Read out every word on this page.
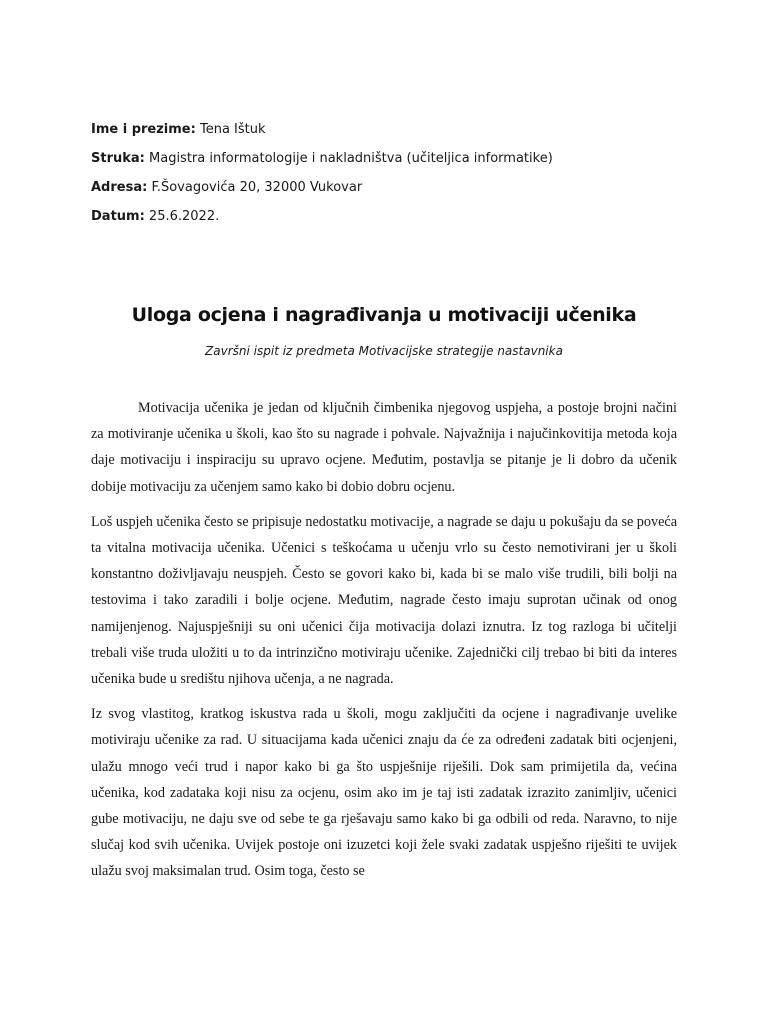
Ime i prezime: Tena Ištuk
Struka: Magistra informatologije i nakladništva (učiteljica informatike)
Adresa: F.Šovagovića 20, 32000 Vukovar
Datum: 25.6.2022.
Uloga ocjena i nagrađivanja u motivaciji učenika
Završni ispit iz predmeta Motivacijske strategije nastavnika

Motivacija učenika je jedan od ključnih čimbenika njegovog uspjeha, a postoje brojni načini za motiviranje učenika u školi, kao što su nagrade i pohvale. Najvažnija i najučinkovitija metoda koja daje motivaciju i inspiraciju su upravo ocjene. Međutim, postavlja se pitanje je li dobro da učenik dobije motivaciju za učenjem samo kako bi dobio dobru ocjenu.

Loš uspjeh učenika često se pripisuje nedostatku motivacije, a nagrade se daju u pokušaju da se poveća ta vitalna motivacija učenika. Učenici s teškoćama u učenju vrlo su često nemotivirani jer u školi konstantno doživljavaju neuspjeh. Često se govori kako bi, kada bi se malo više trudili, bili bolji na testovima i tako zaradili i bolje ocjene. Međutim, nagrade često imaju suprotan učinak od onog namijenjenog. Najuspješniji su oni učenici čija motivacija dolazi iznutra. Iz tog razloga bi učitelji trebali više truda uložiti u to da intrinzično motiviraju učenike. Zajednički cilj trebao bi biti da interes učenika bude u središtu njihova učenja, a ne nagrada.

Iz svog vlastitog, kratkog iskustva rada u školi, mogu zaključiti da ocjene i nagrađivanje uvelike motiviraju učenike za rad. U situacijama kada učenici znaju da će za određeni zadatak biti ocjenjeni, ulažu mnogo veći trud i napor kako bi ga što uspješnije riješili. Dok sam primijetila da, većina učenika, kod zadataka koji nisu za ocjenu, osim ako im je taj isti zadatak izrazito zanimljiv, učenici gube motivaciju, ne daju sve od sebe te ga rješavaju samo kako bi ga odbili od reda. Naravno, to nije slučaj kod svih učenika. Uvijek postoje oni izuzetci koji žele svaki zadatak uspješno riješiti te uvijek ulažu svoj maksimalan trud. Osim toga, često se
